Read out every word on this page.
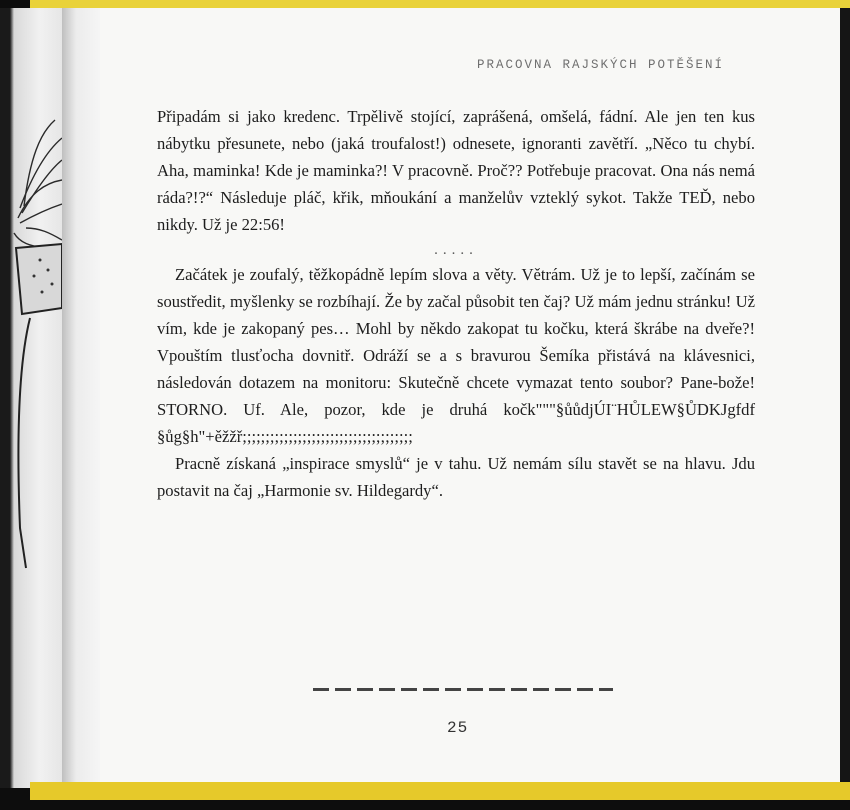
PRACOVNA RAJSKÝCH POTĚŠENÍ

Připadám si jako kredenc. Trpělivě stojící, zaprášená, omšelá, fádní. Ale jen ten kus nábytku přesunete, nebo (jaká troufalost!) odnesete, ignoranti zavětří. „Něco tu chybí. Aha, maminka! Kde je maminka?! V pracovně. Proč?? Potřebuje pracovat. Ona nás nemá ráda?!?“ Následuje pláč, křik, mňoukání a manželův vzteklý sykot. Takže TEĎ, nebo nikdy. Už je 22:56!

.....

Začátek je zoufalý, těžkopádně lepím slova a věty. Větrám. Už je to lepší, začínám se soustředit, myšlenky se rozbíhají. Že by začal působit ten čaj? Už mám jednu stránku! Už vím, kde je zakopaný pes… Mohl by někdo zakopat tu kočku, která škrábe na dveře?! Vpouštím tlusťocha dovnitř. Odráží se a s bravurou Šemíka přistává na klávesnici, následován dotazem na monitoru: Skutečně chcete vymazat tento soubor? Pane-bože! STORNO. Uf. Ale, pozor, kde je druhá kočk"""§ůůdjÚI¨HŮLEW§ŮDKJgfdf §ůg§h"+ěžžř;;;;;;;;;;;;;;;;;;;;;;;;;;;;;;;;;;;;;

Pracně získaná „inspirace smyslů“ je v tahu. Už nemám sílu stavět se na hlavu. Jdu postavit na čaj „Harmonie sv. Hildegardy“.

25
